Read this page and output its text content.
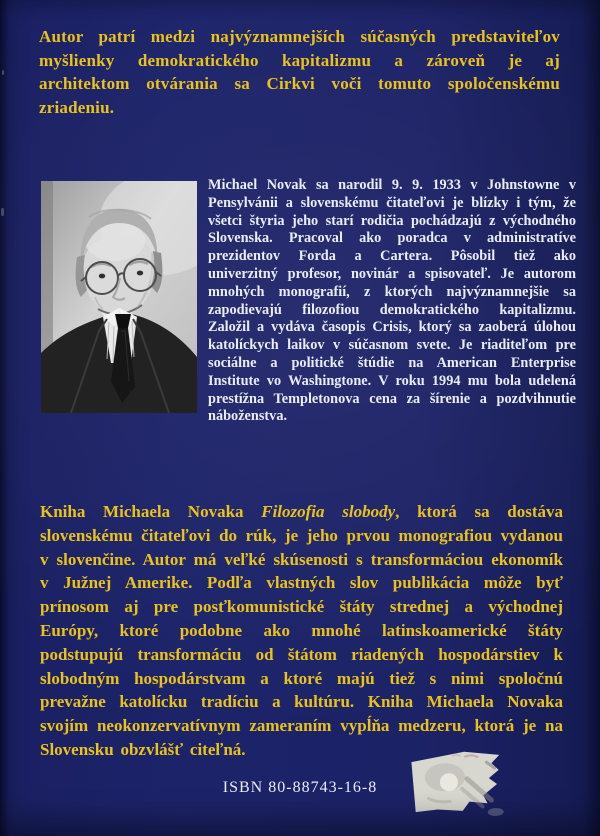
Autor patrí medzi najvýznamnejších súčasných predstaviteľov myšlienky demokratického kapitalizmu a zároveň je aj architektom otvárania sa Cirkvi voči tomuto spoločenskému zriadeniu.

Michael Novak sa narodil 9. 9. 1933 v Johnstowne v Pensylvánii a slovenskému čitateľovi je blízky i tým, že všetci štyria jeho starí rodičia pochádzajú z východného Slovenska. Pracoval ako poradca v administratíve prezidentov Forda a Cartera. Pôsobil tiež ako univerzitný profesor, novinár a spisovateľ. Je autorom mnohých monografií, z ktorých najvýznamnejšie sa zapodievajú filozofiou demokratického kapitalizmu. Založil a vydáva časopis Crisis, ktorý sa zaoberá úlohou katolíckych laikov v súčasnom svete. Je riaditeľom pre sociálne a politické štúdie na American Enterprise Institute vo Washingtone. V roku 1994 mu bola udelená prestížna Templetonova cena za šírenie a pozdvihnutie náboženstva.

Kniha Michaela Novaka Filozofia slobody, ktorá sa dostáva slovenskému čitateľovi do rúk, je jeho prvou monografiou vydanou v slovenčine. Autor má veľké skúsenosti s transformáciou ekonomík v Južnej Amerike. Podľa vlastných slov publikácia môže byť prínosom aj pre posťkomunistické štáty strednej a východnej Európy, ktoré podobne ako mnohé latinskoamerické štáty podstupujú transformáciu od štátom riadených hospodárstiev k slobodným hospodárstvam a ktoré majú tiež s nimi spoločnú prevažne katolícku tradíciu a kultúru. Kniha Michaela Novaka svojím neokonzervatívnym zameraním vypĺňa medzeru, ktorá je na Slovensku obzvlášť citeľná.

ISBN 80-88743-16-8
